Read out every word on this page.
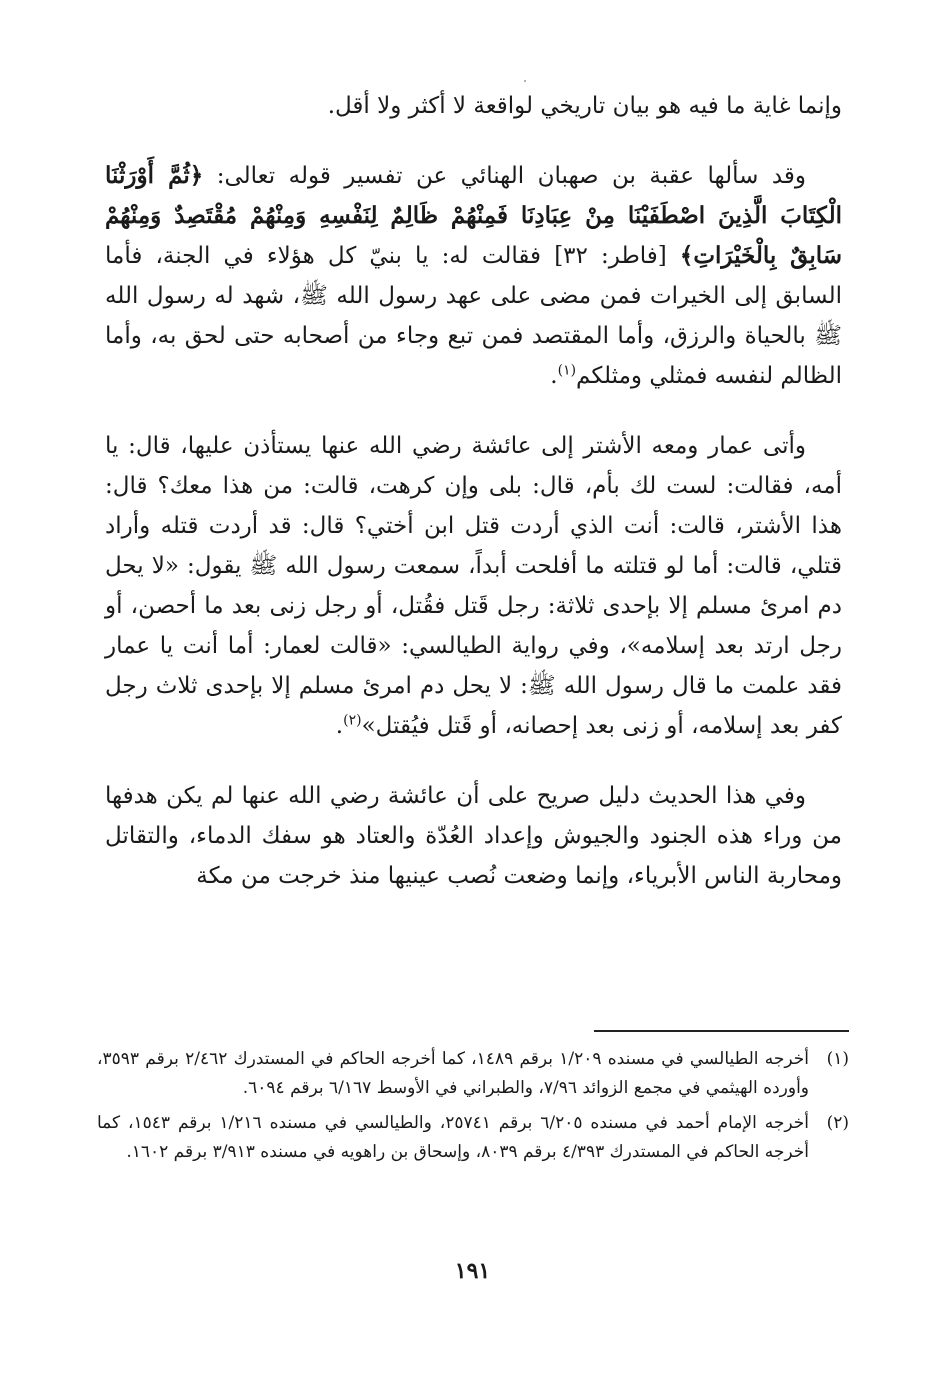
وإنما غاية ما فيه هو بيان تاريخي لواقعة لا أكثر ولا أقل.

وقد سألها عقبة بن صهبان الهنائي عن تفسير قوله تعالى: ﴿ثُمَّ أَوْرَثْنَا الْكِتَابَ الَّذِينَ اصْطَفَيْنَا مِنْ عِبَادِنَا فَمِنْهُمْ ظَالِمٌ لِنَفْسِهِ وَمِنْهُمْ مُقْتَصِدٌ وَمِنْهُمْ سَابِقٌ بِالْخَيْرَاتِ﴾ [فاطر: ٣٢] فقالت له: يا بنيّ كل هؤلاء في الجنة، فأما السابق إلى الخيرات فمن مضى على عهد رسول الله ﷺ، شهد له رسول الله ﷺ بالحياة والرزق، وأما المقتصد فمن تبع وجاء من أصحابه حتى لحق به، وأما الظالم لنفسه فمثلي ومثلكم$^{(١)}$.

وأتى عمار ومعه الأشتر إلى عائشة رضي الله عنها يستأذن عليها، قال: يا أمه، فقالت: لست لك بأم، قال: بلى وإن كرهت، قالت: من هذا معك؟ قال: هذا الأشتر، قالت: أنت الذي أردت قتل ابن أختي؟ قال: قد أردت قتله وأراد قتلي، قالت: أما لو قتلته ما أفلحت أبداً، سمعت رسول الله ﷺ يقول: «لا يحل دم امرئ مسلم إلا بإحدى ثلاثة: رجل قَتل فقُتل، أو رجل زنى بعد ما أحصن، أو رجل ارتد بعد إسلامه»، وفي رواية الطيالسي: «قالت لعمار: أما أنت يا عمار فقد علمت ما قال رسول الله ﷺ: لا يحل دم امرئ مسلم إلا بإحدى ثلاث رجل كفر بعد إسلامه، أو زنى بعد إحصانه، أو قَتل فيُقتل»$^{(٢)}$.

وفي هذا الحديث دليل صريح على أن عائشة رضي الله عنها لم يكن هدفها من وراء هذه الجنود والجيوش وإعداد العُدّة والعتاد هو سفك الدماء، والتقاتل ومحاربة الناس الأبرياء، وإنما وضعت نُصب عينيها منذ خرجت من مكة

(١)
أخرجه الطيالسي في مسنده ١/٢٠٩ برقم ١٤٨٩، كما أخرجه الحاكم في المستدرك ٢/٤٦٢ برقم ٣٥٩٣، وأورده الهيثمي في مجمع الزوائد ٧/٩٦، والطبراني في الأوسط ٦/١٦٧ برقم ٦٠٩٤.
(٢)
أخرجه الإمام أحمد في مسنده ٦/٢٠٥ برقم ٢٥٧٤١، والطيالسي في مسنده ١/٢١٦ برقم ١٥٤٣، كما أخرجه الحاكم في المستدرك ٤/٣٩٣ برقم ٨٠٣٩، وإسحاق بن راهويه في مسنده ٣/٩١٣ برقم ١٦٠٢.
١٩١
